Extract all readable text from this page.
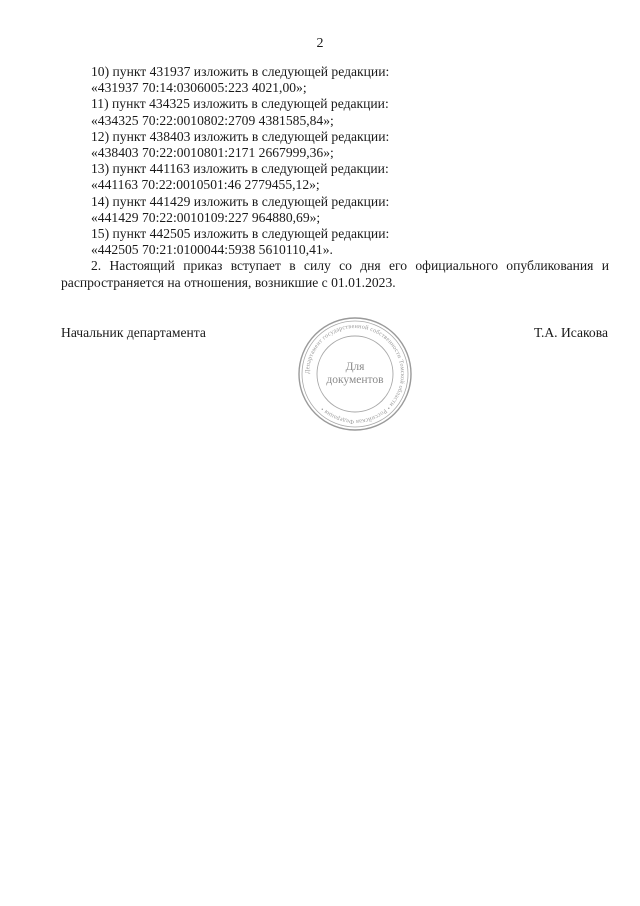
2

10) пункт 431937 изложить в следующей редакции:

«431937 70:14:0306005:223 4021,00»;

11) пункт 434325 изложить в следующей редакции:

«434325 70:22:0010802:2709 4381585,84»;

12) пункт 438403 изложить в следующей редакции:

«438403 70:22:0010801:2171 2667999,36»;

13) пункт 441163 изложить в следующей редакции:

«441163 70:22:0010501:46 2779455,12»;

14) пункт 441429 изложить в следующей редакции:

«441429 70:22:0010109:227 964880,69»;

15) пункт 442505 изложить в следующей редакции:

«442505 70:21:0100044:5938 5610110,41».

2. Настоящий приказ вступает в силу со дня его официального опубликования и

распространяется на отношения, возникшие с 01.01.2023.

Начальник департамента	Т.А. Исакова
Департамент государственной собственности Томской области • Российская Федерация •
Для
документов
